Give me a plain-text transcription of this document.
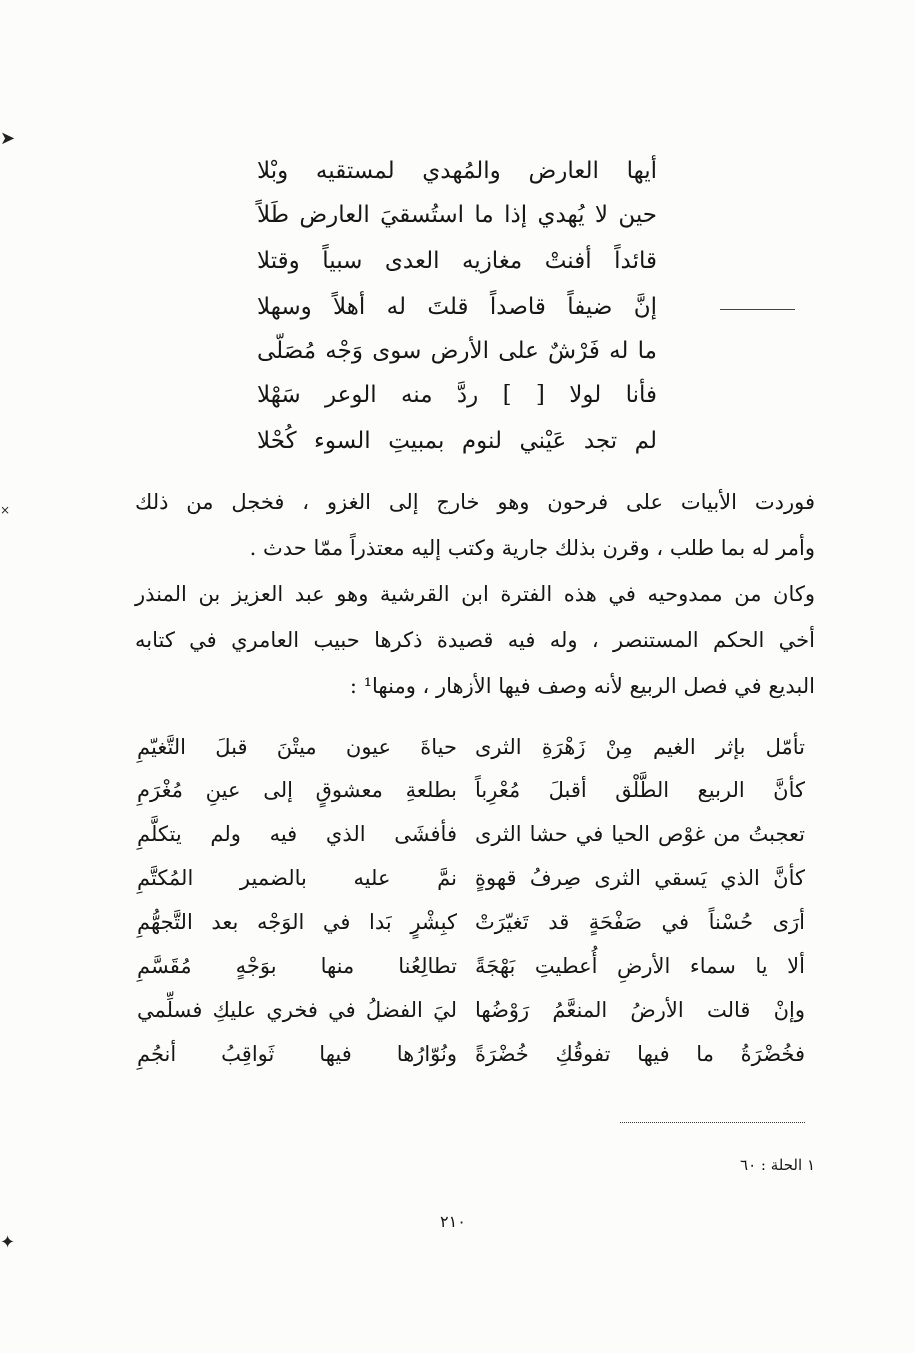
➤
×
✦
أيها العارض والمُهدي لمستقيه وبْلا
حين لا يُهدي إذا ما استُسقيَ العارض طَلاً
قائداً أفنتْ مغازيه العدى سبياً وقتلا
إنَّ ضيفاً قاصداً قلتَ له أهلاً وسهلا
ما له فَرْشٌ على الأرض سوى وَجْه مُصَلّى
فأنا لولا [ ] ردَّ منه الوعر سَهْلا
لم تجد عَيْني لنوم بمبيتِ السوء كُحْلا
فوردت الأبيات على فرحون وهو خارج إلى الغزو ، فخجل من ذلك
وأمر له بما طلب ، وقرن بذلك جارية وكتب إليه معتذراً ممّا حدث .
وكان من ممدوحيه في هذه الفترة ابن القرشية وهو عبد العزيز بن المنذر
أخي الحكم المستنصر ، وله فيه قصيدة ذكرها حبيب العامري في كتابه
البديع في فصل الربيع لأنه وصف فيها الأزهار ، ومنها¹ :
تأمّل بإثر الغيم مِنْ زَهْرَةِ الثرى
حياةَ عيون ميتْنَ قبلَ التَّغيّمِ
كأنَّ الربيع الطَّلْق أقبلَ مُعْرِباً
بطلعةِ معشوقٍ إلى عينِ مُغْرَمِ
تعجبتُ من غوْص الحيا في حشا الثرى
فأفشَى الذي فيه ولم يتكلَّمِ
كأنَّ الذي يَسقي الثرى صِرفُ قهوةٍ
نمَّ عليه بالضمير المُكتَّمِ
أرَى حُسْناً في صَفْحَةٍ قد تَغيّرَتْ
كبِشْرٍ بَدا في الوَجْه بعد التَّجهُّمِ
ألا يا سماء الأرضِ أُعطيتِ بَهْجَةً
تطالِعُنا منها بوَجْهٍ مُقَسَّمِ
وإنْ قالت الأرضُ المنعَّمُ رَوْضُها
ليَ الفضلُ في فخري عليكِ فسلِّمي
فخُضْرَةُ ما فيها تفوقُكِ خُضْرَةً
ونُوّارُها فيها ثَواقِبُ أنجُمِ
١ الحلة : ٦٠
٢١٠
